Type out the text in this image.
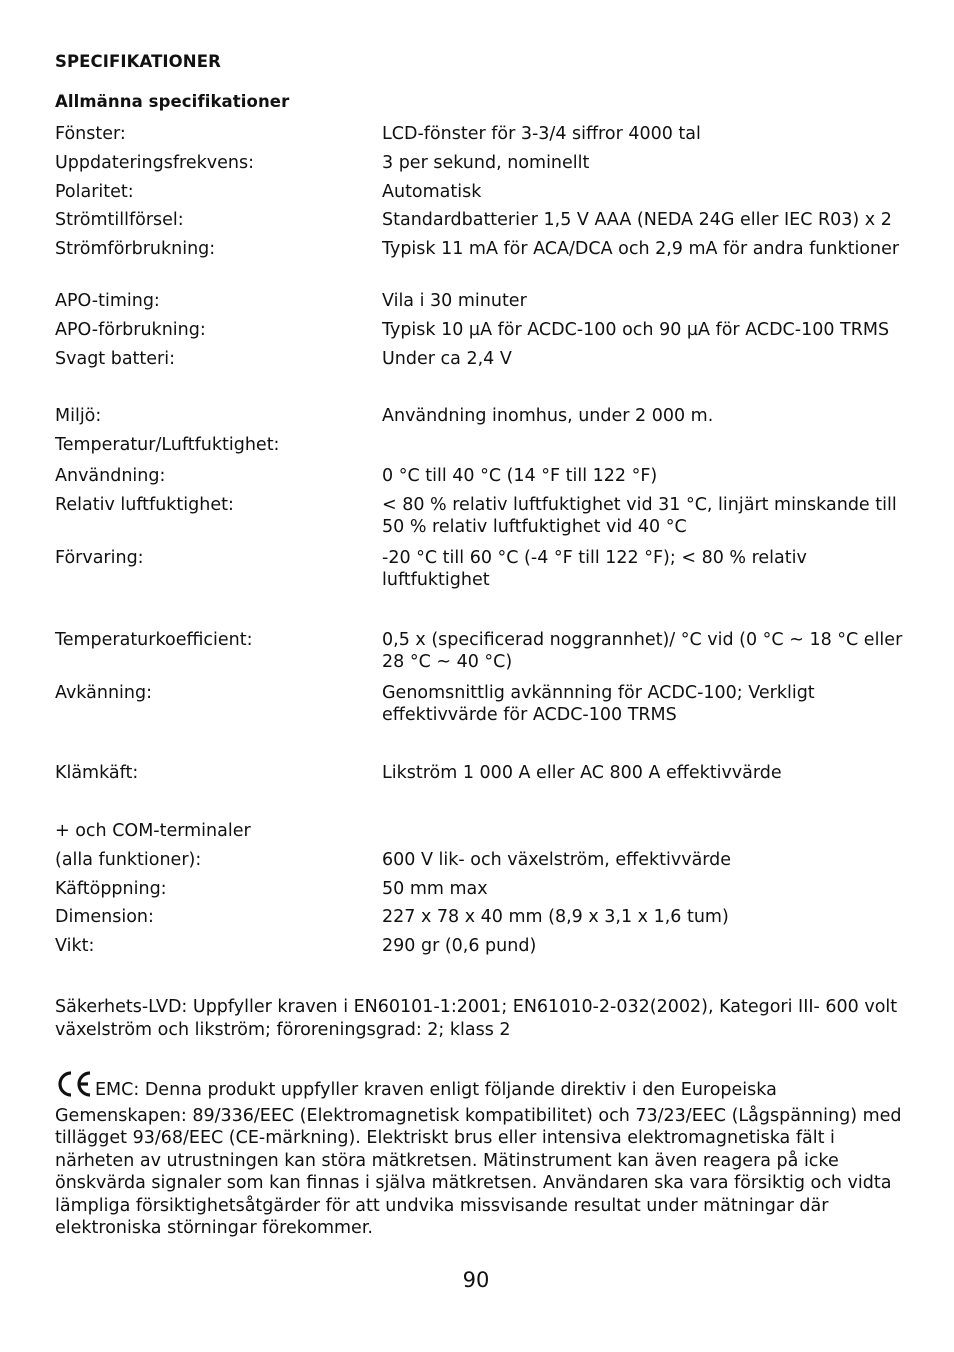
SPECIFIKATIONER
Allmänna specifikationer
Fönster:	LCD-fönster för 3-3/4 siffror 4000 tal
Uppdateringsfrekvens:	3 per sekund, nominellt
Polaritet:	Automatisk
Strömtillförsel:	Standardbatterier 1,5 V AAA (NEDA 24G eller IEC R03) x 2
Strömförbrukning:	Typisk 11 mA för ACA/DCA och 2,9 mA för andra funktioner
APO-timing:	Vila i 30 minuter
APO-förbrukning:	Typisk 10 µA för ACDC-100 och 90 µA för ACDC-100 TRMS
Svagt batteri:	Under ca 2,4 V
Miljö:	Användning inomhus, under 2 000 m.
Temperatur/Luftfuktighet:
Användning:	0 °C till 40 °C (14 °F till 122 °F)
Relativ luftfuktighet:	< 80 % relativ luftfuktighet vid 31 °C, linjärt minskande till 50 % relativ luftfuktighet vid 40 °C
Förvaring:	-20 °C till 60 °C (-4 °F till 122 °F); < 80 % relativ luftfuktighet
Temperaturkoefficient:	0,5 x (specificerad noggrannhet)/ °C vid (0 °C ~ 18 °C eller 28 °C ~ 40 °C)
Avkänning:	Genomsnittlig avkännning för ACDC-100; Verkligt effektivvärde för ACDC-100 TRMS
Klämkäft:	Likström 1 000 A eller AC 800 A effektivvärde
+ och COM-terminaler
(alla funktioner):	600 V lik- och växelström, effektivvärde
Käftöppning:	50 mm max
Dimension:	227 x 78 x 40 mm (8,9 x 3,1 x 1,6 tum)
Vikt:	290 gr (0,6 pund)
Säkerhets-LVD: Uppfyller kraven i EN60101-1:2001; EN61010-2-032(2002), Kategori III- 600 volt växelström och likström; föroreningsgrad: 2; klass 2
EMC: Denna produkt uppfyller kraven enligt följande direktiv i den Europeiska Gemenskapen: 89/336/EEC (Elektromagnetisk kompatibilitet) och 73/23/EEC (Lågspänning) med tillägget 93/68/EEC (CE-märkning). Elektriskt brus eller intensiva elektromagnetiska fält i närheten av utrustningen kan störa mätkretsen. Mätinstrument kan även reagera på icke önskvärda signaler som kan finnas i själva mätkretsen. Användaren ska vara försiktig och vidta lämpliga försiktighetsåtgärder för att undvika missvisande resultat under mätningar där elektroniska störningar förekommer.
90
